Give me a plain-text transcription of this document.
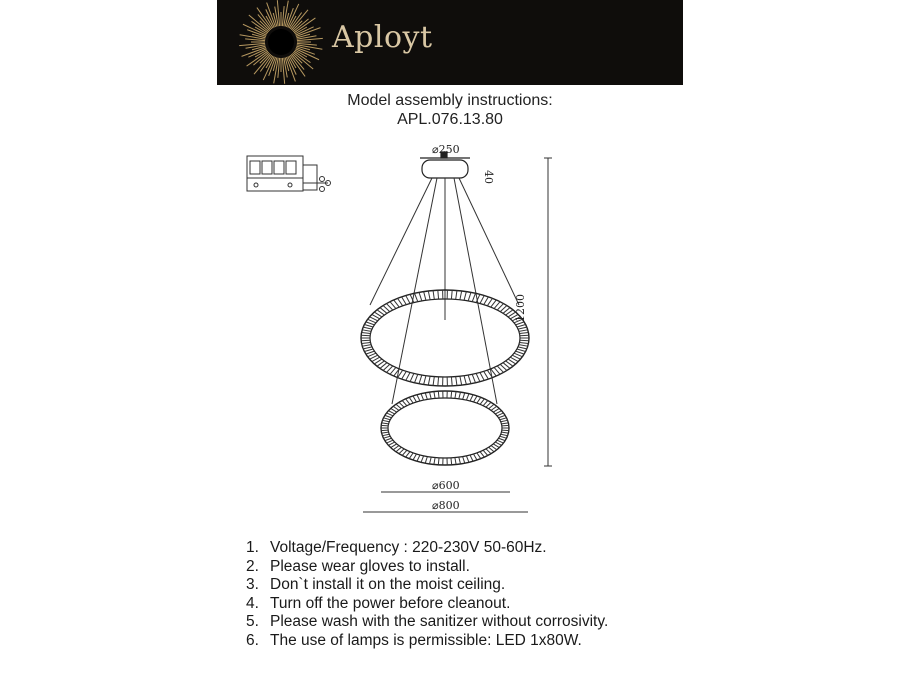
Aployt
Model assembly instructions:
APL.076.13.80
⌀250
40
1200
⌀600
⌀800
1. Voltage/Frequency : 220-230V 50-60Hz.
2. Please wear gloves to install.
3. Don`t install it on the moist ceiling.
4. Turn off the power before cleanout.
5. Please wash with the sanitizer without corrosivity.
6. The use of lamps is permissible: LED 1x80W.
